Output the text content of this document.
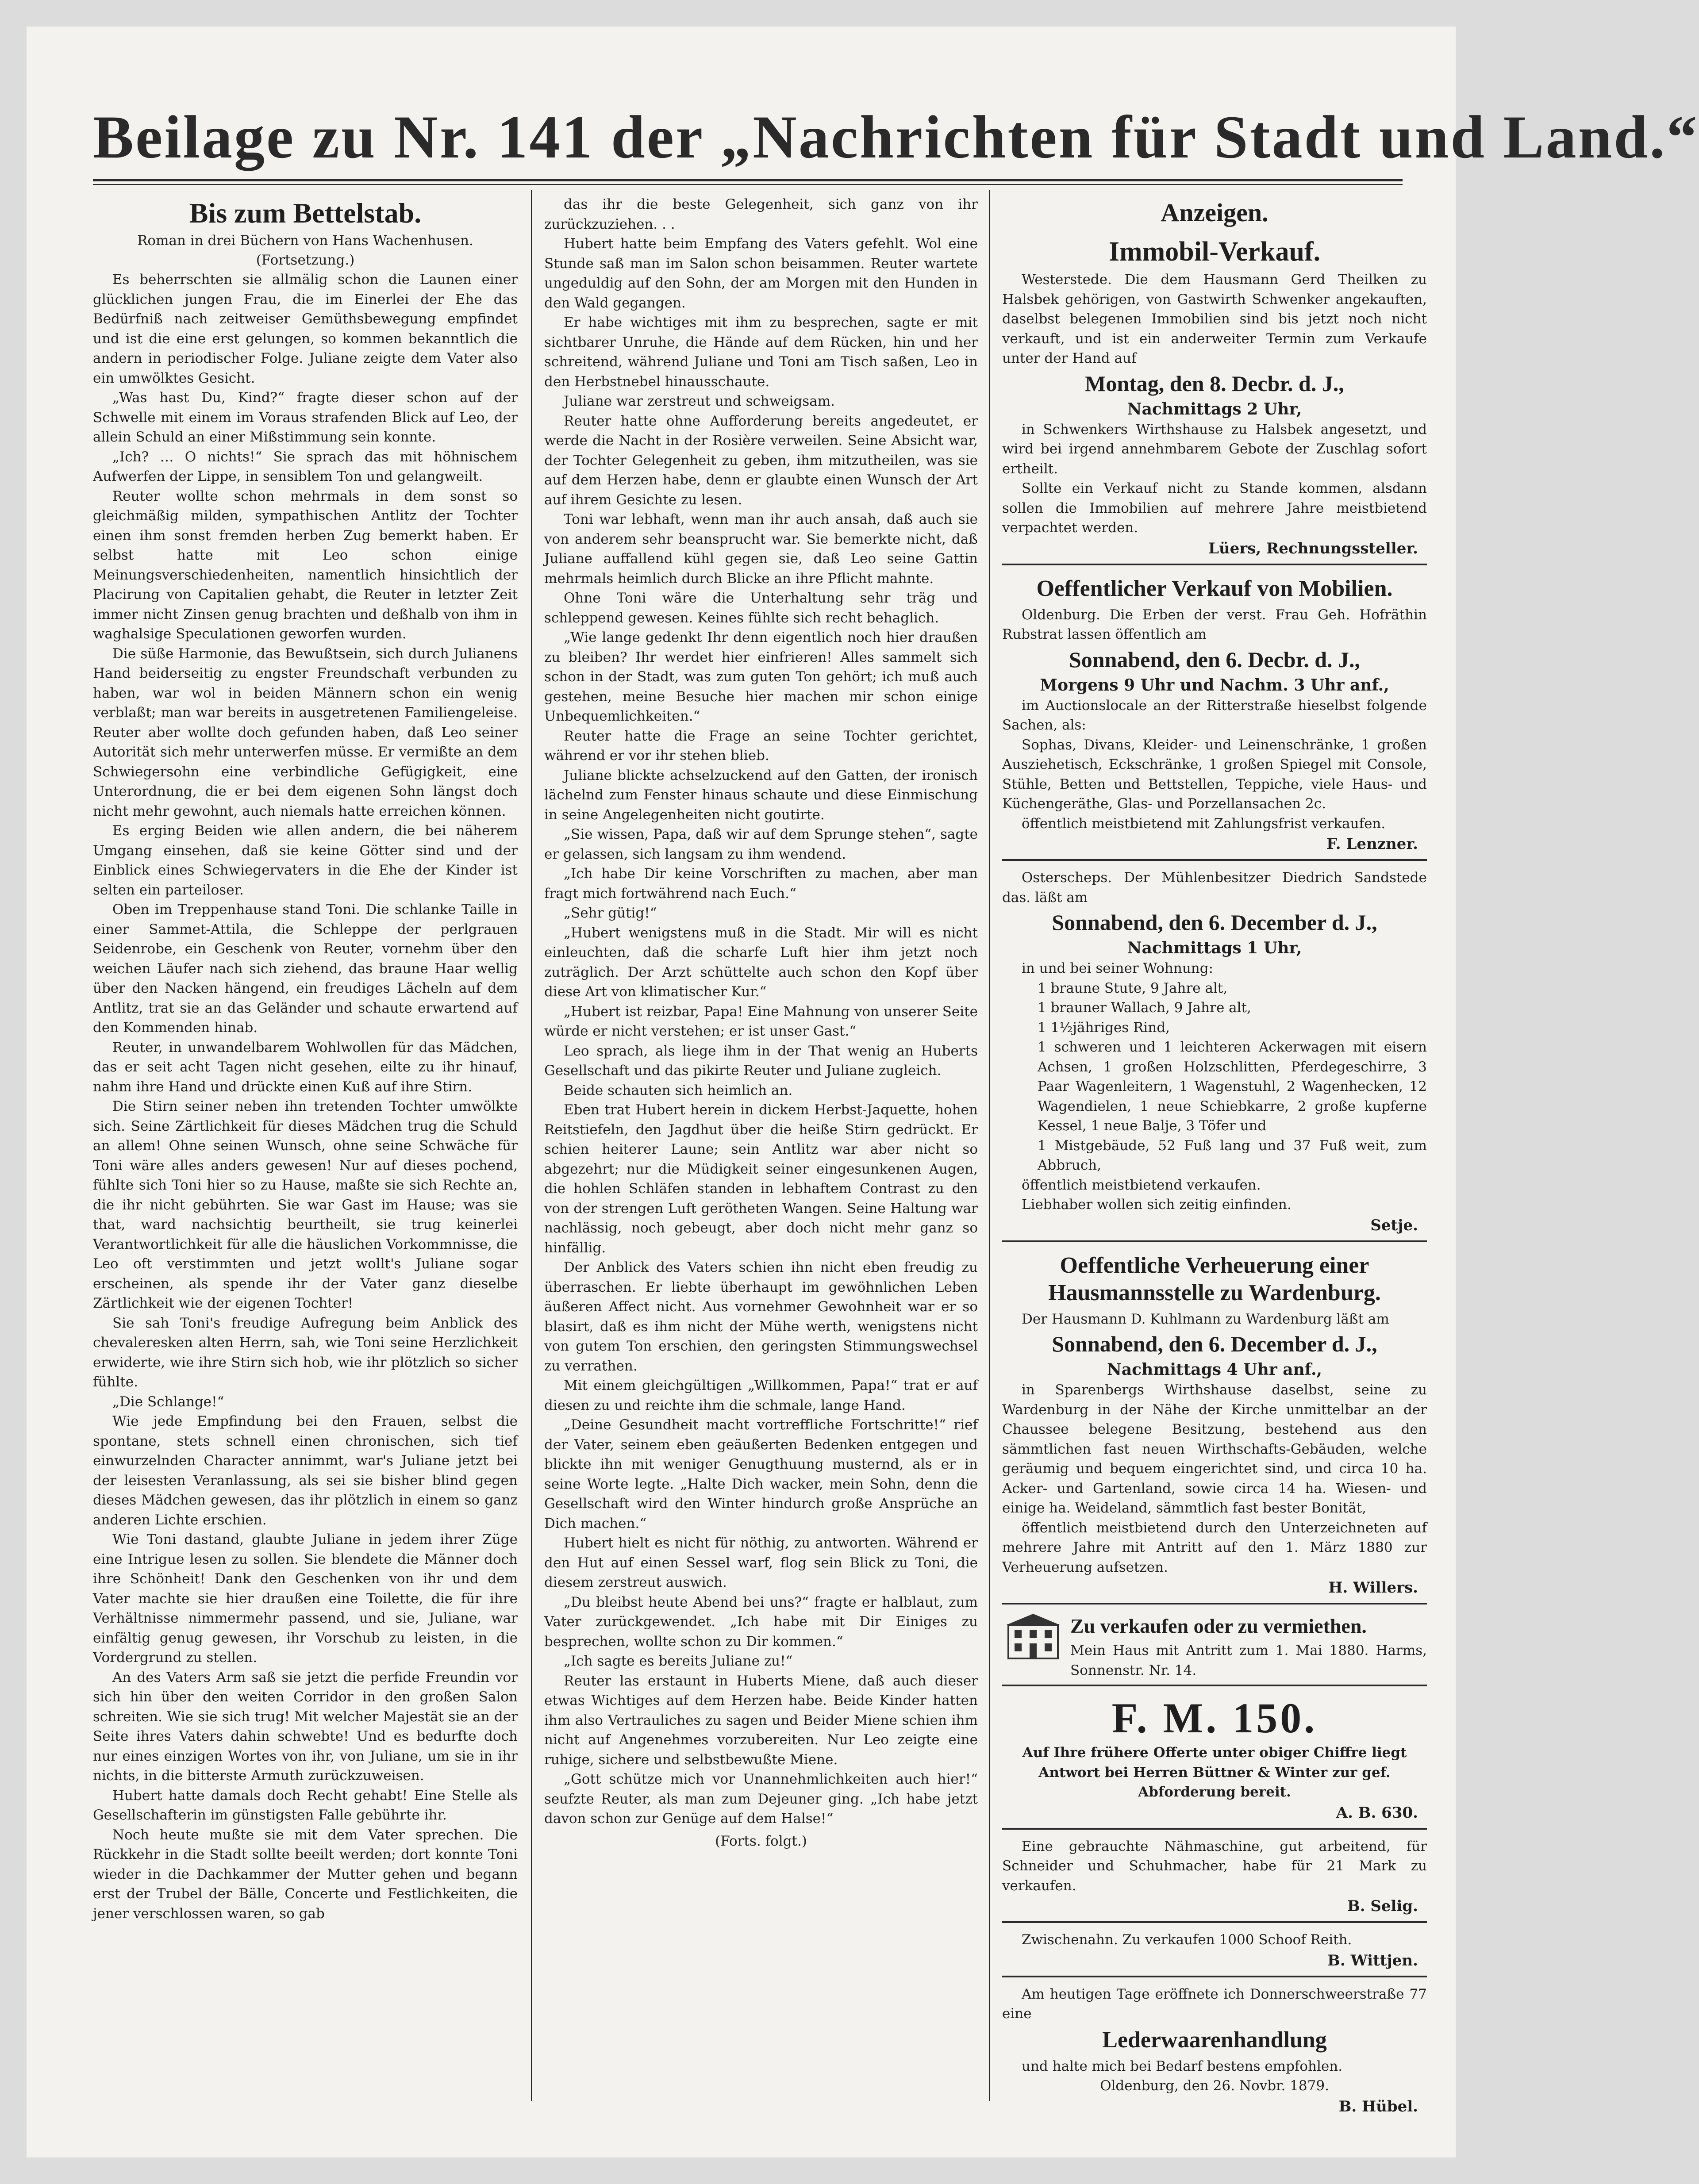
Beilage zu Nr. 141 der „Nachrichten für Stadt und Land.“
Bis zum Bettelstab.
Roman in drei Büchern von Hans Wachenhusen.
(Fortsetzung.)

Es beherrschten sie allmälig schon die Launen einer glücklichen jungen Frau, die im Einerlei der Ehe das Bedürfniß nach zeitweiser Gemüthsbewegung empfindet und ist die eine erst gelungen, so kommen bekanntlich die andern in periodischer Folge. Juliane zeigte dem Vater also ein umwölktes Gesicht.

„Was hast Du, Kind?“ fragte dieser schon auf der Schwelle mit einem im Voraus strafenden Blick auf Leo, der allein Schuld an einer Mißstimmung sein konnte.

„Ich? … O nichts!“ Sie sprach das mit höhnischem Aufwerfen der Lippe, in sensiblem Ton und gelangweilt.

Reuter wollte schon mehrmals in dem sonst so gleichmäßig milden, sympathischen Antlitz der Tochter einen ihm sonst fremden herben Zug bemerkt haben. Er selbst hatte mit Leo schon einige Meinungsverschiedenheiten, namentlich hinsichtlich der Placirung von Capitalien gehabt, die Reuter in letzter Zeit immer nicht Zinsen genug brachten und deßhalb von ihm in waghalsige Speculationen geworfen wurden.

Die süße Harmonie, das Bewußtsein, sich durch Julianens Hand beiderseitig zu engster Freundschaft verbunden zu haben, war wol in beiden Männern schon ein wenig verblaßt; man war bereits in ausgetretenen Familiengeleise. Reuter aber wollte doch gefunden haben, daß Leo seiner Autorität sich mehr unterwerfen müsse. Er vermißte an dem Schwiegersohn eine verbindliche Gefügigkeit, eine Unterordnung, die er bei dem eigenen Sohn längst doch nicht mehr gewohnt, auch niemals hatte erreichen können.

Es erging Beiden wie allen andern, die bei näherem Umgang einsehen, daß sie keine Götter sind und der Einblick eines Schwiegervaters in die Ehe der Kinder ist selten ein parteiloser.

Oben im Treppenhause stand Toni. Die schlanke Taille in einer Sammet-Attila, die Schleppe der perlgrauen Seidenrobe, ein Geschenk von Reuter, vornehm über den weichen Läufer nach sich ziehend, das braune Haar wellig über den Nacken hängend, ein freudiges Lächeln auf dem Antlitz, trat sie an das Geländer und schaute erwartend auf den Kommenden hinab.

Reuter, in unwandelbarem Wohlwollen für das Mädchen, das er seit acht Tagen nicht gesehen, eilte zu ihr hinauf, nahm ihre Hand und drückte einen Kuß auf ihre Stirn.

Die Stirn seiner neben ihn tretenden Tochter umwölkte sich. Seine Zärtlichkeit für dieses Mädchen trug die Schuld an allem! Ohne seinen Wunsch, ohne seine Schwäche für Toni wäre alles anders gewesen! Nur auf dieses pochend, fühlte sich Toni hier so zu Hause, maßte sie sich Rechte an, die ihr nicht gebührten. Sie war Gast im Hause; was sie that, ward nachsichtig beurtheilt, sie trug keinerlei Verantwortlichkeit für alle die häuslichen Vorkommnisse, die Leo oft verstimmten und jetzt wollt's Juliane sogar erscheinen, als spende ihr der Vater ganz dieselbe Zärtlichkeit wie der eigenen Tochter!

Sie sah Toni's freudige Aufregung beim Anblick des chevaleresken alten Herrn, sah, wie Toni seine Herzlichkeit erwiderte, wie ihre Stirn sich hob, wie ihr plötzlich so sicher fühlte.

„Die Schlange!“

Wie jede Empfindung bei den Frauen, selbst die spontane, stets schnell einen chronischen, sich tief einwurzelnden Character annimmt, war's Juliane jetzt bei der leisesten Veranlassung, als sei sie bisher blind gegen dieses Mädchen gewesen, das ihr plötzlich in einem so ganz anderen Lichte erschien.

Wie Toni dastand, glaubte Juliane in jedem ihrer Züge eine Intrigue lesen zu sollen. Sie blendete die Männer doch ihre Schönheit! Dank den Geschenken von ihr und dem Vater machte sie hier draußen eine Toilette, die für ihre Verhältnisse nimmermehr passend, und sie, Juliane, war einfältig genug gewesen, ihr Vorschub zu leisten, in die Vordergrund zu stellen.

An des Vaters Arm saß sie jetzt die perfide Freundin vor sich hin über den weiten Corridor in den großen Salon schreiten. Wie sie sich trug! Mit welcher Majestät sie an der Seite ihres Vaters dahin schwebte! Und es bedurfte doch nur eines einzigen Wortes von ihr, von Juliane, um sie in ihr nichts, in die bitterste Armuth zurückzuweisen.

Hubert hatte damals doch Recht gehabt! Eine Stelle als Gesellschafterin im günstigsten Falle gebührte ihr.

Noch heute mußte sie mit dem Vater sprechen. Die Rückkehr in die Stadt sollte beeilt werden; dort konnte Toni wieder in die Dachkammer der Mutter gehen und begann erst der Trubel der Bälle, Concerte und Festlichkeiten, die jener verschlossen waren, so gab

das ihr die beste Gelegenheit, sich ganz von ihr zurückzuziehen. . .

Hubert hatte beim Empfang des Vaters gefehlt. Wol eine Stunde saß man im Salon schon beisammen. Reuter wartete ungeduldig auf den Sohn, der am Morgen mit den Hunden in den Wald gegangen.

Er habe wichtiges mit ihm zu besprechen, sagte er mit sichtbarer Unruhe, die Hände auf dem Rücken, hin und her schreitend, während Juliane und Toni am Tisch saßen, Leo in den Herbstnebel hinausschaute.

Juliane war zerstreut und schweigsam.

Reuter hatte ohne Aufforderung bereits angedeutet, er werde die Nacht in der Rosière verweilen. Seine Absicht war, der Tochter Gelegenheit zu geben, ihm mitzutheilen, was sie auf dem Herzen habe, denn er glaubte einen Wunsch der Art auf ihrem Gesichte zu lesen.

Toni war lebhaft, wenn man ihr auch ansah, daß auch sie von anderem sehr beansprucht war. Sie bemerkte nicht, daß Juliane auffallend kühl gegen sie, daß Leo seine Gattin mehrmals heimlich durch Blicke an ihre Pflicht mahnte.

Ohne Toni wäre die Unterhaltung sehr träg und schleppend gewesen. Keines fühlte sich recht behaglich.

„Wie lange gedenkt Ihr denn eigentlich noch hier draußen zu bleiben? Ihr werdet hier einfrieren! Alles sammelt sich schon in der Stadt, was zum guten Ton gehört; ich muß auch gestehen, meine Besuche hier machen mir schon einige Unbequemlichkeiten.“

Reuter hatte die Frage an seine Tochter gerichtet, während er vor ihr stehen blieb.

Juliane blickte achselzuckend auf den Gatten, der ironisch lächelnd zum Fenster hinaus schaute und diese Einmischung in seine Angelegenheiten nicht goutirte.

„Sie wissen, Papa, daß wir auf dem Sprunge stehen“, sagte er gelassen, sich langsam zu ihm wendend.

„Ich habe Dir keine Vorschriften zu machen, aber man fragt mich fortwährend nach Euch.“

„Sehr gütig!“

„Hubert wenigstens muß in die Stadt. Mir will es nicht einleuchten, daß die scharfe Luft hier ihm jetzt noch zuträglich. Der Arzt schüttelte auch schon den Kopf über diese Art von klimatischer Kur.“

„Hubert ist reizbar, Papa! Eine Mahnung von unserer Seite würde er nicht verstehen; er ist unser Gast.“

Leo sprach, als liege ihm in der That wenig an Huberts Gesellschaft und das pikirte Reuter und Juliane zugleich.

Beide schauten sich heimlich an.

Eben trat Hubert herein in dickem Herbst-Jaquette, hohen Reitstiefeln, den Jagdhut über die heiße Stirn gedrückt. Er schien heiterer Laune; sein Antlitz war aber nicht so abgezehrt; nur die Müdigkeit seiner eingesunkenen Augen, die hohlen Schläfen standen in lebhaftem Contrast zu den von der strengen Luft gerötheten Wangen. Seine Haltung war nachlässig, noch gebeugt, aber doch nicht mehr ganz so hinfällig.

Der Anblick des Vaters schien ihn nicht eben freudig zu überraschen. Er liebte überhaupt im gewöhnlichen Leben äußeren Affect nicht. Aus vornehmer Gewohnheit war er so blasirt, daß es ihm nicht der Mühe werth, wenigstens nicht von gutem Ton erschien, den geringsten Stimmungswechsel zu verrathen.

Mit einem gleichgültigen „Willkommen, Papa!“ trat er auf diesen zu und reichte ihm die schmale, lange Hand.

„Deine Gesundheit macht vortreffliche Fortschritte!“ rief der Vater, seinem eben geäußerten Bedenken entgegen und blickte ihn mit weniger Genugthuung musternd, als er in seine Worte legte. „Halte Dich wacker, mein Sohn, denn die Gesellschaft wird den Winter hindurch große Ansprüche an Dich machen.“

Hubert hielt es nicht für nöthig, zu antworten. Während er den Hut auf einen Sessel warf, flog sein Blick zu Toni, die diesem zerstreut auswich.

„Du bleibst heute Abend bei uns?“ fragte er halblaut, zum Vater zurückgewendet. „Ich habe mit Dir Einiges zu besprechen, wollte schon zu Dir kommen.“

„Ich sagte es bereits Juliane zu!“

Reuter las erstaunt in Huberts Miene, daß auch dieser etwas Wichtiges auf dem Herzen habe. Beide Kinder hatten ihm also Vertrauliches zu sagen und Beider Miene schien ihm nicht auf Angenehmes vorzubereiten. Nur Leo zeigte eine ruhige, sichere und selbstbewußte Miene.

„Gott schütze mich vor Unannehmlichkeiten auch hier!“ seufzte Reuter, als man zum Dejeuner ging. „Ich habe jetzt davon schon zur Genüge auf dem Halse!“

(Forts. folgt.)
Anzeigen.
Immobil-Verkauf.

Westerstede. Die dem Hausmann Gerd Theilken zu Halsbek gehörigen, von Gastwirth Schwenker angekauften, daselbst belegenen Immobilien sind bis jetzt noch nicht verkauft, und ist ein anderweiter Termin zum Verkaufe unter der Hand auf

Montag, den 8. Decbr. d. J.,
Nachmittags 2 Uhr,

in Schwenkers Wirthshause zu Halsbek angesetzt, und wird bei irgend annehmbarem Gebote der Zuschlag sofort ertheilt.

Sollte ein Verkauf nicht zu Stande kommen, alsdann sollen die Immobilien auf mehrere Jahre meistbietend verpachtet werden.

Lüers, Rechnungssteller.
Oeffentlicher Verkauf von Mobilien.

Oldenburg. Die Erben der verst. Frau Geh. Hofräthin Rubstrat lassen öffentlich am

Sonnabend, den 6. Decbr. d. J.,
Morgens 9 Uhr und Nachm. 3 Uhr anf.,

im Auctionslocale an der Ritterstraße hieselbst folgende Sachen, als:

Sophas, Divans, Kleider- und Leinenschränke, 1 großen Ausziehetisch, Eckschränke, 1 großen Spiegel mit Console, Stühle, Betten und Bettstellen, Teppiche, viele Haus- und Küchengeräthe, Glas- und Porzellansachen 2c.

öffentlich meistbietend mit Zahlungsfrist verkaufen.

F. Lenzner.

Osterscheps. Der Mühlenbesitzer Diedrich Sandstede das. läßt am

Sonnabend, den 6. December d. J.,
Nachmittags 1 Uhr,

in und bei seiner Wohnung:

1 braune Stute, 9 Jahre alt,
1 brauner Wallach, 9 Jahre alt,
1 1½jähriges Rind,
1 schweren und 1 leichteren Ackerwagen mit eisern Achsen, 1 großen Holzschlitten, Pferdegeschirre, 3 Paar Wagenleitern, 1 Wagenstuhl, 2 Wagenhecken, 12 Wagendielen, 1 neue Schiebkarre, 2 große kupferne Kessel, 1 neue Balje, 3 Töfer und
1 Mistgebäude, 52 Fuß lang und 37 Fuß weit, zum Abbruch,

öffentlich meistbietend verkaufen.

Liebhaber wollen sich zeitig einfinden.

Setje.
Oeffentliche Verheuerung einer Hausmannsstelle zu Wardenburg.

Der Hausmann D. Kuhlmann zu Wardenburg läßt am

Sonnabend, den 6. December d. J.,
Nachmittags 4 Uhr anf.,

in Sparenbergs Wirthshause daselbst, seine zu Wardenburg in der Nähe der Kirche unmittelbar an der Chaussee belegene Besitzung, bestehend aus den sämmtlichen fast neuen Wirthschafts-Gebäuden, welche geräumig und bequem eingerichtet sind, und circa 10 ha. Acker- und Gartenland, sowie circa 14 ha. Wiesen- und einige ha. Weideland, sämmtlich fast bester Bonität,

öffentlich meistbietend durch den Unterzeichneten auf mehrere Jahre mit Antritt auf den 1. März 1880 zur Verheuerung aufsetzen.

H. Willers.
Zu verkaufen oder zu vermiethen.
Mein Haus mit Antritt zum 1. Mai 1880. Harms, Sonnenstr. Nr. 14.
F. M. 150.

Auf Ihre frühere Offerte unter obiger Chiffre liegt Antwort bei Herren Büttner & Winter zur gef. Abforderung bereit.

A. B. 630.

Eine gebrauchte Nähmaschine, gut arbeitend, für Schneider und Schuhmacher, habe für 21 Mark zu verkaufen.

B. Selig.

Zwischenahn. Zu verkaufen 1000 Schoof Reith.

B. Wittjen.

Am heutigen Tage eröffnete ich Donnerschweerstraße 77 eine

Lederwaarenhandlung

und halte mich bei Bedarf bestens empfohlen.

Oldenburg, den 26. Novbr. 1879.

B. Hübel.
